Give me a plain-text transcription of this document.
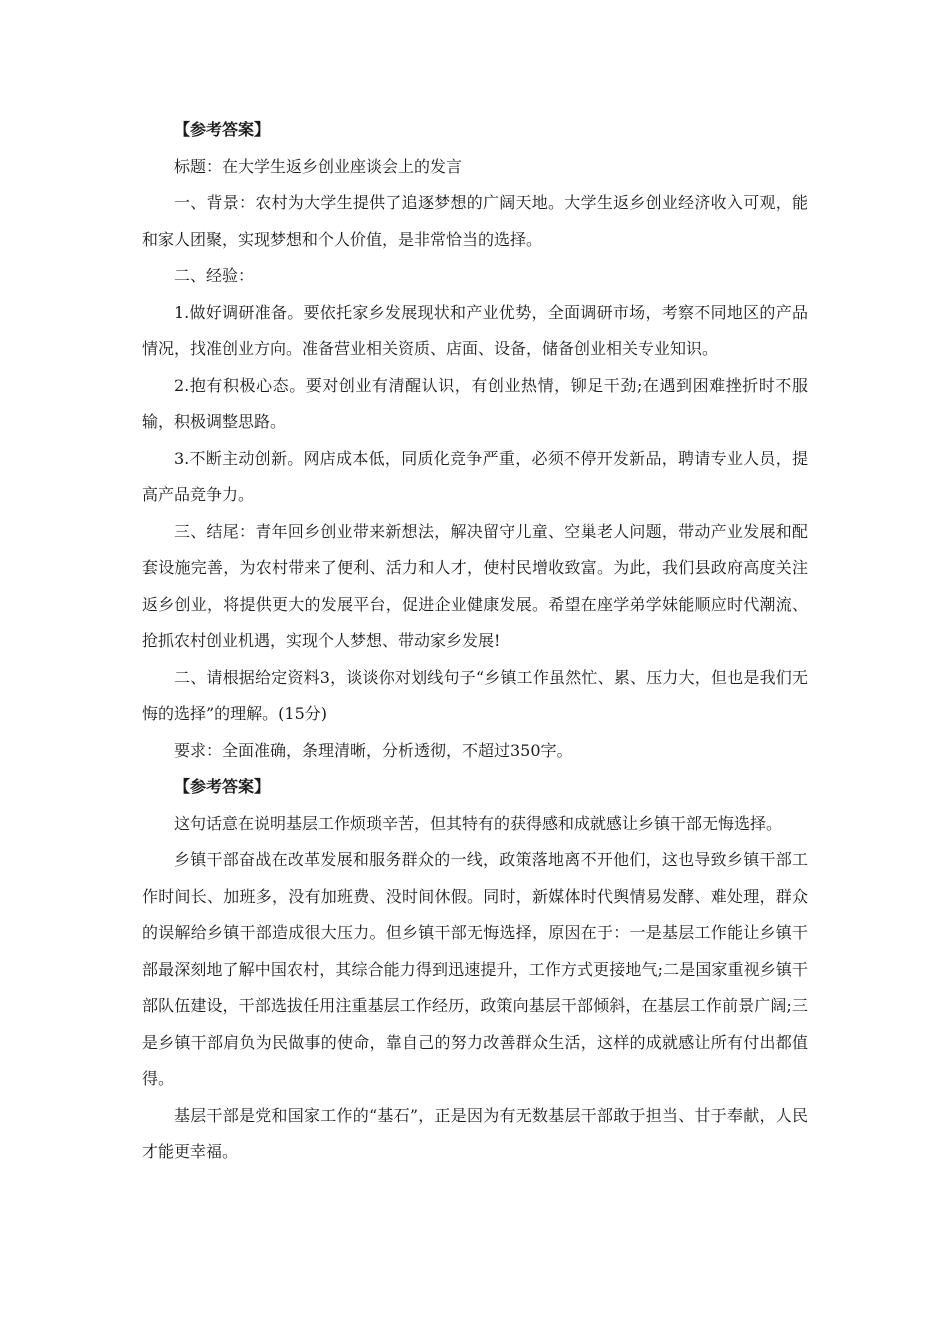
【参考答案】

标题：在大学生返乡创业座谈会上的发言

一、背景：农村为大学生提供了追逐梦想的广阔天地。大学生返乡创业经济收入可观，能和家人团聚，实现梦想和个人价值，是非常恰当的选择。

二、经验：

1.做好调研准备。要依托家乡发展现状和产业优势，全面调研市场，考察不同地区的产品情况，找准创业方向。准备营业相关资质、店面、设备，储备创业相关专业知识。

2.抱有积极心态。要对创业有清醒认识，有创业热情，铆足干劲;在遇到困难挫折时不服输，积极调整思路。

3.不断主动创新。网店成本低，同质化竞争严重，必须不停开发新品，聘请专业人员，提高产品竞争力。

三、结尾：青年回乡创业带来新想法，解决留守儿童、空巢老人问题，带动产业发展和配套设施完善，为农村带来了便利、活力和人才，使村民增收致富。为此，我们县政府高度关注返乡创业，将提供更大的发展平台，促进企业健康发展。希望在座学弟学妹能顺应时代潮流、抢抓农村创业机遇，实现个人梦想、带动家乡发展!

二、请根据给定资料3，谈谈你对划线句子“乡镇工作虽然忙、累、压力大，但也是我们无悔的选择”的理解。(15分)

要求：全面准确，条理清晰，分析透彻，不超过350字。

【参考答案】

这句话意在说明基层工作烦琐辛苦，但其特有的获得感和成就感让乡镇干部无悔选择。

乡镇干部奋战在改革发展和服务群众的一线，政策落地离不开他们，这也导致乡镇干部工作时间长、加班多，没有加班费、没时间休假。同时，新媒体时代舆情易发酵、难处理，群众的误解给乡镇干部造成很大压力。但乡镇干部无悔选择，原因在于：一是基层工作能让乡镇干部最深刻地了解中国农村，其综合能力得到迅速提升，工作方式更接地气;二是国家重视乡镇干部队伍建设，干部选拔任用注重基层工作经历，政策向基层干部倾斜，在基层工作前景广阔;三是乡镇干部肩负为民做事的使命，靠自己的努力改善群众生活，这样的成就感让所有付出都值得。

基层干部是党和国家工作的“基石”，正是因为有无数基层干部敢于担当、甘于奉献，人民才能更幸福。
